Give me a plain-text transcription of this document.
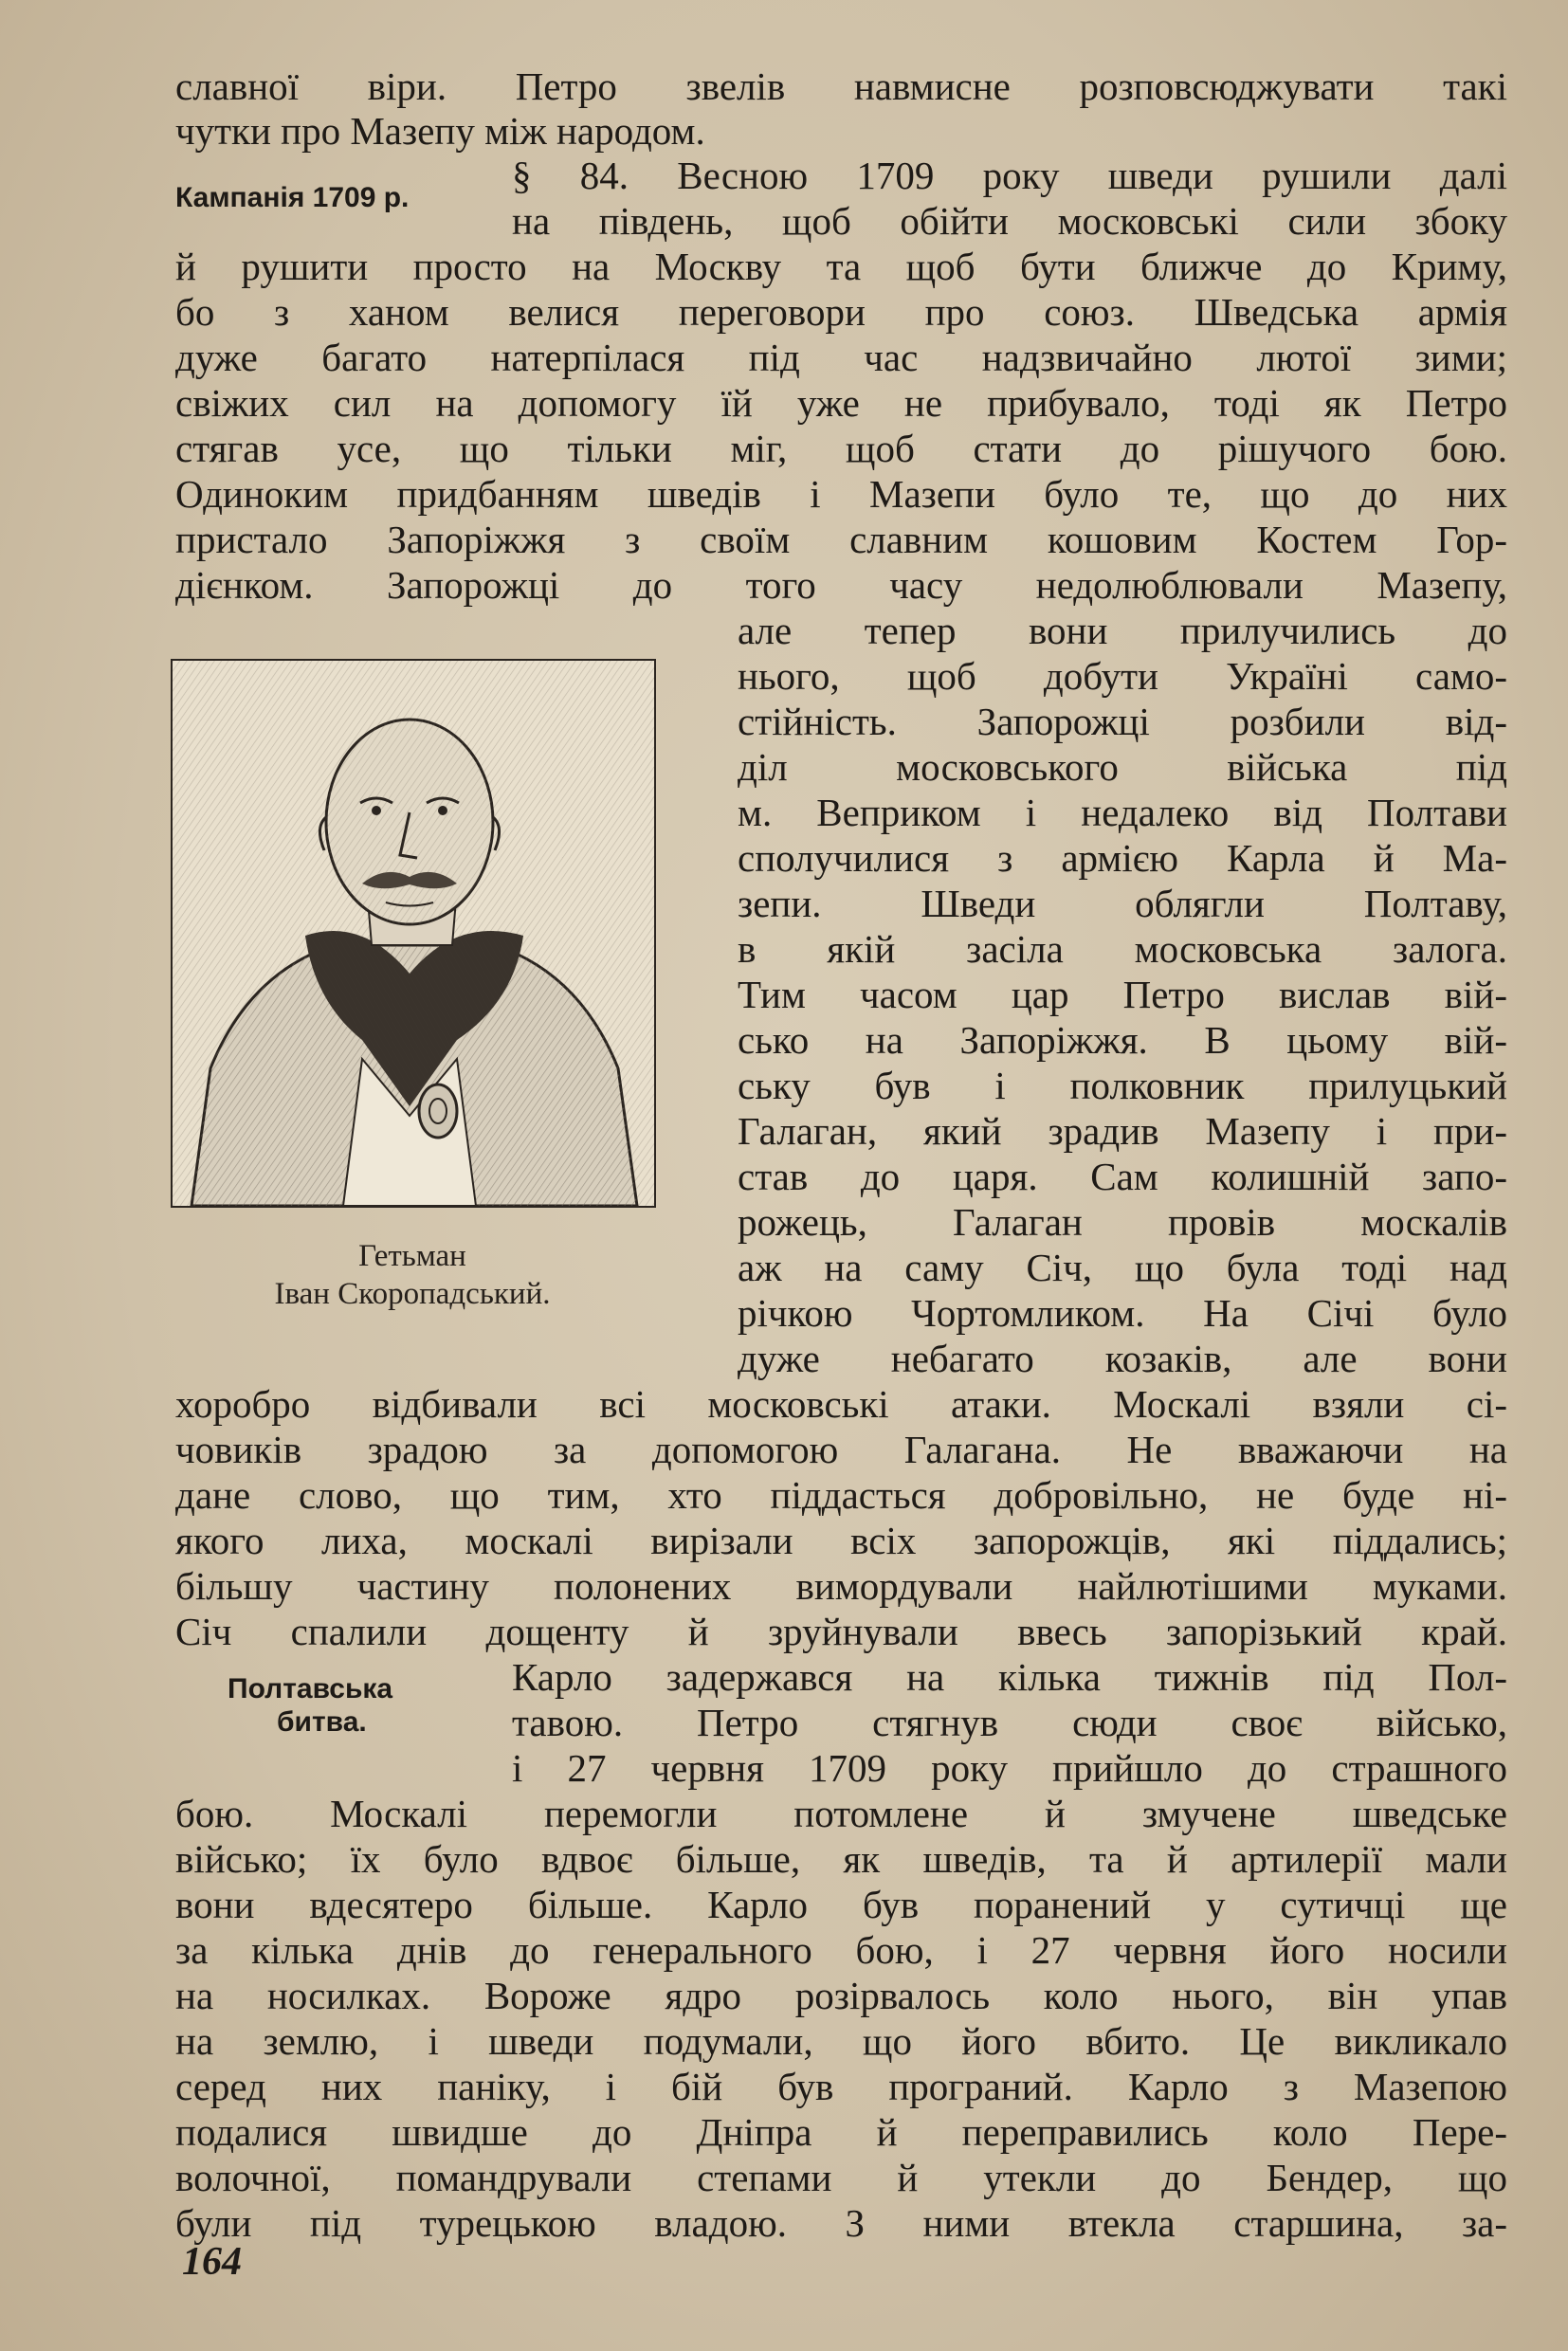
славної віри. Петро звелів навмисне розповсюджувати такі
чутки про Мазепу між народом.
Кампанія 1709 р.
§ 84. Весною 1709 року шведи рушили далі
на південь, щоб обійти московські сили збоку
й рушити просто на Москву та щоб бути ближче до Криму,
бо з ханом велися переговори про союз. Шведська армія
дуже багато натерпілася під час надзвичайно лютої зими;
свіжих сил на допомогу їй уже не прибувало, тоді як Петро
стягав усе, що тільки міг, щоб стати до рішучого бою.
Одиноким придбанням шведів і Мазепи було те, що до них
пристало Запоріжжя з своїм славним кошовим Костем Гор-
дієнком. Запорожці до того часу недолюблювали Мазепу,
але тепер вони прилучились до
нього, щоб добути Україні само-
стійність. Запорожці розбили від-
діл московського війська під
м. Веприком і недалеко від Полтави
сполучилися з армією Карла й Ма-
зепи. Шведи облягли Полтаву,
в якій засіла московська залога.
Тим часом цар Петро вислав вій-
сько на Запоріжжя. В цьому вій-
ську був і полковник прилуцький
Галаган, який зрадив Мазепу і при-
став до царя. Сам колишній запо-
рожець, Галаган провів москалів
аж на саму Січ, що була тоді над
річкою Чортомликом. На Січі було
дуже небагато козаків, але вони
Гетьман
Іван Скоропадський.
хоробро відбивали всі московські атаки. Москалі взяли сі-
човиків зрадою за допомогою Галагана. Не вважаючи на
дане слово, що тим, хто піддасться добровільно, не буде ні-
якого лиха, москалі вирізали всіх запорожців, які піддались;
більшу частину полонених вимордували найлютішими муками.
Січ спалили дощенту й зруйнували ввесь запорізький край.
Полтавська
битва.
Карло задержався на кілька тижнів під Пол-
тавою. Петро стягнув сюди своє військо,
і 27 червня 1709 року прийшло до страшного
бою. Москалі перемогли потомлене й змучене шведське
військо; їх було вдвоє більше, як шведів, та й артилерії мали
вони вдесятеро більше. Карло був поранений у сутичці ще
за кілька днів до генерального бою, і 27 червня його носили
на носилках. Вороже ядро розірвалось коло нього, він упав
на землю, і шведи подумали, що його вбито. Це викликало
серед них паніку, і бій був програний. Карло з Мазепою
подалися швидше до Дніпра й переправились коло Пере-
волочної, помандрували степами й утекли до Бендер, що
були під турецькою владою. З ними втекла старшина, за-
164
